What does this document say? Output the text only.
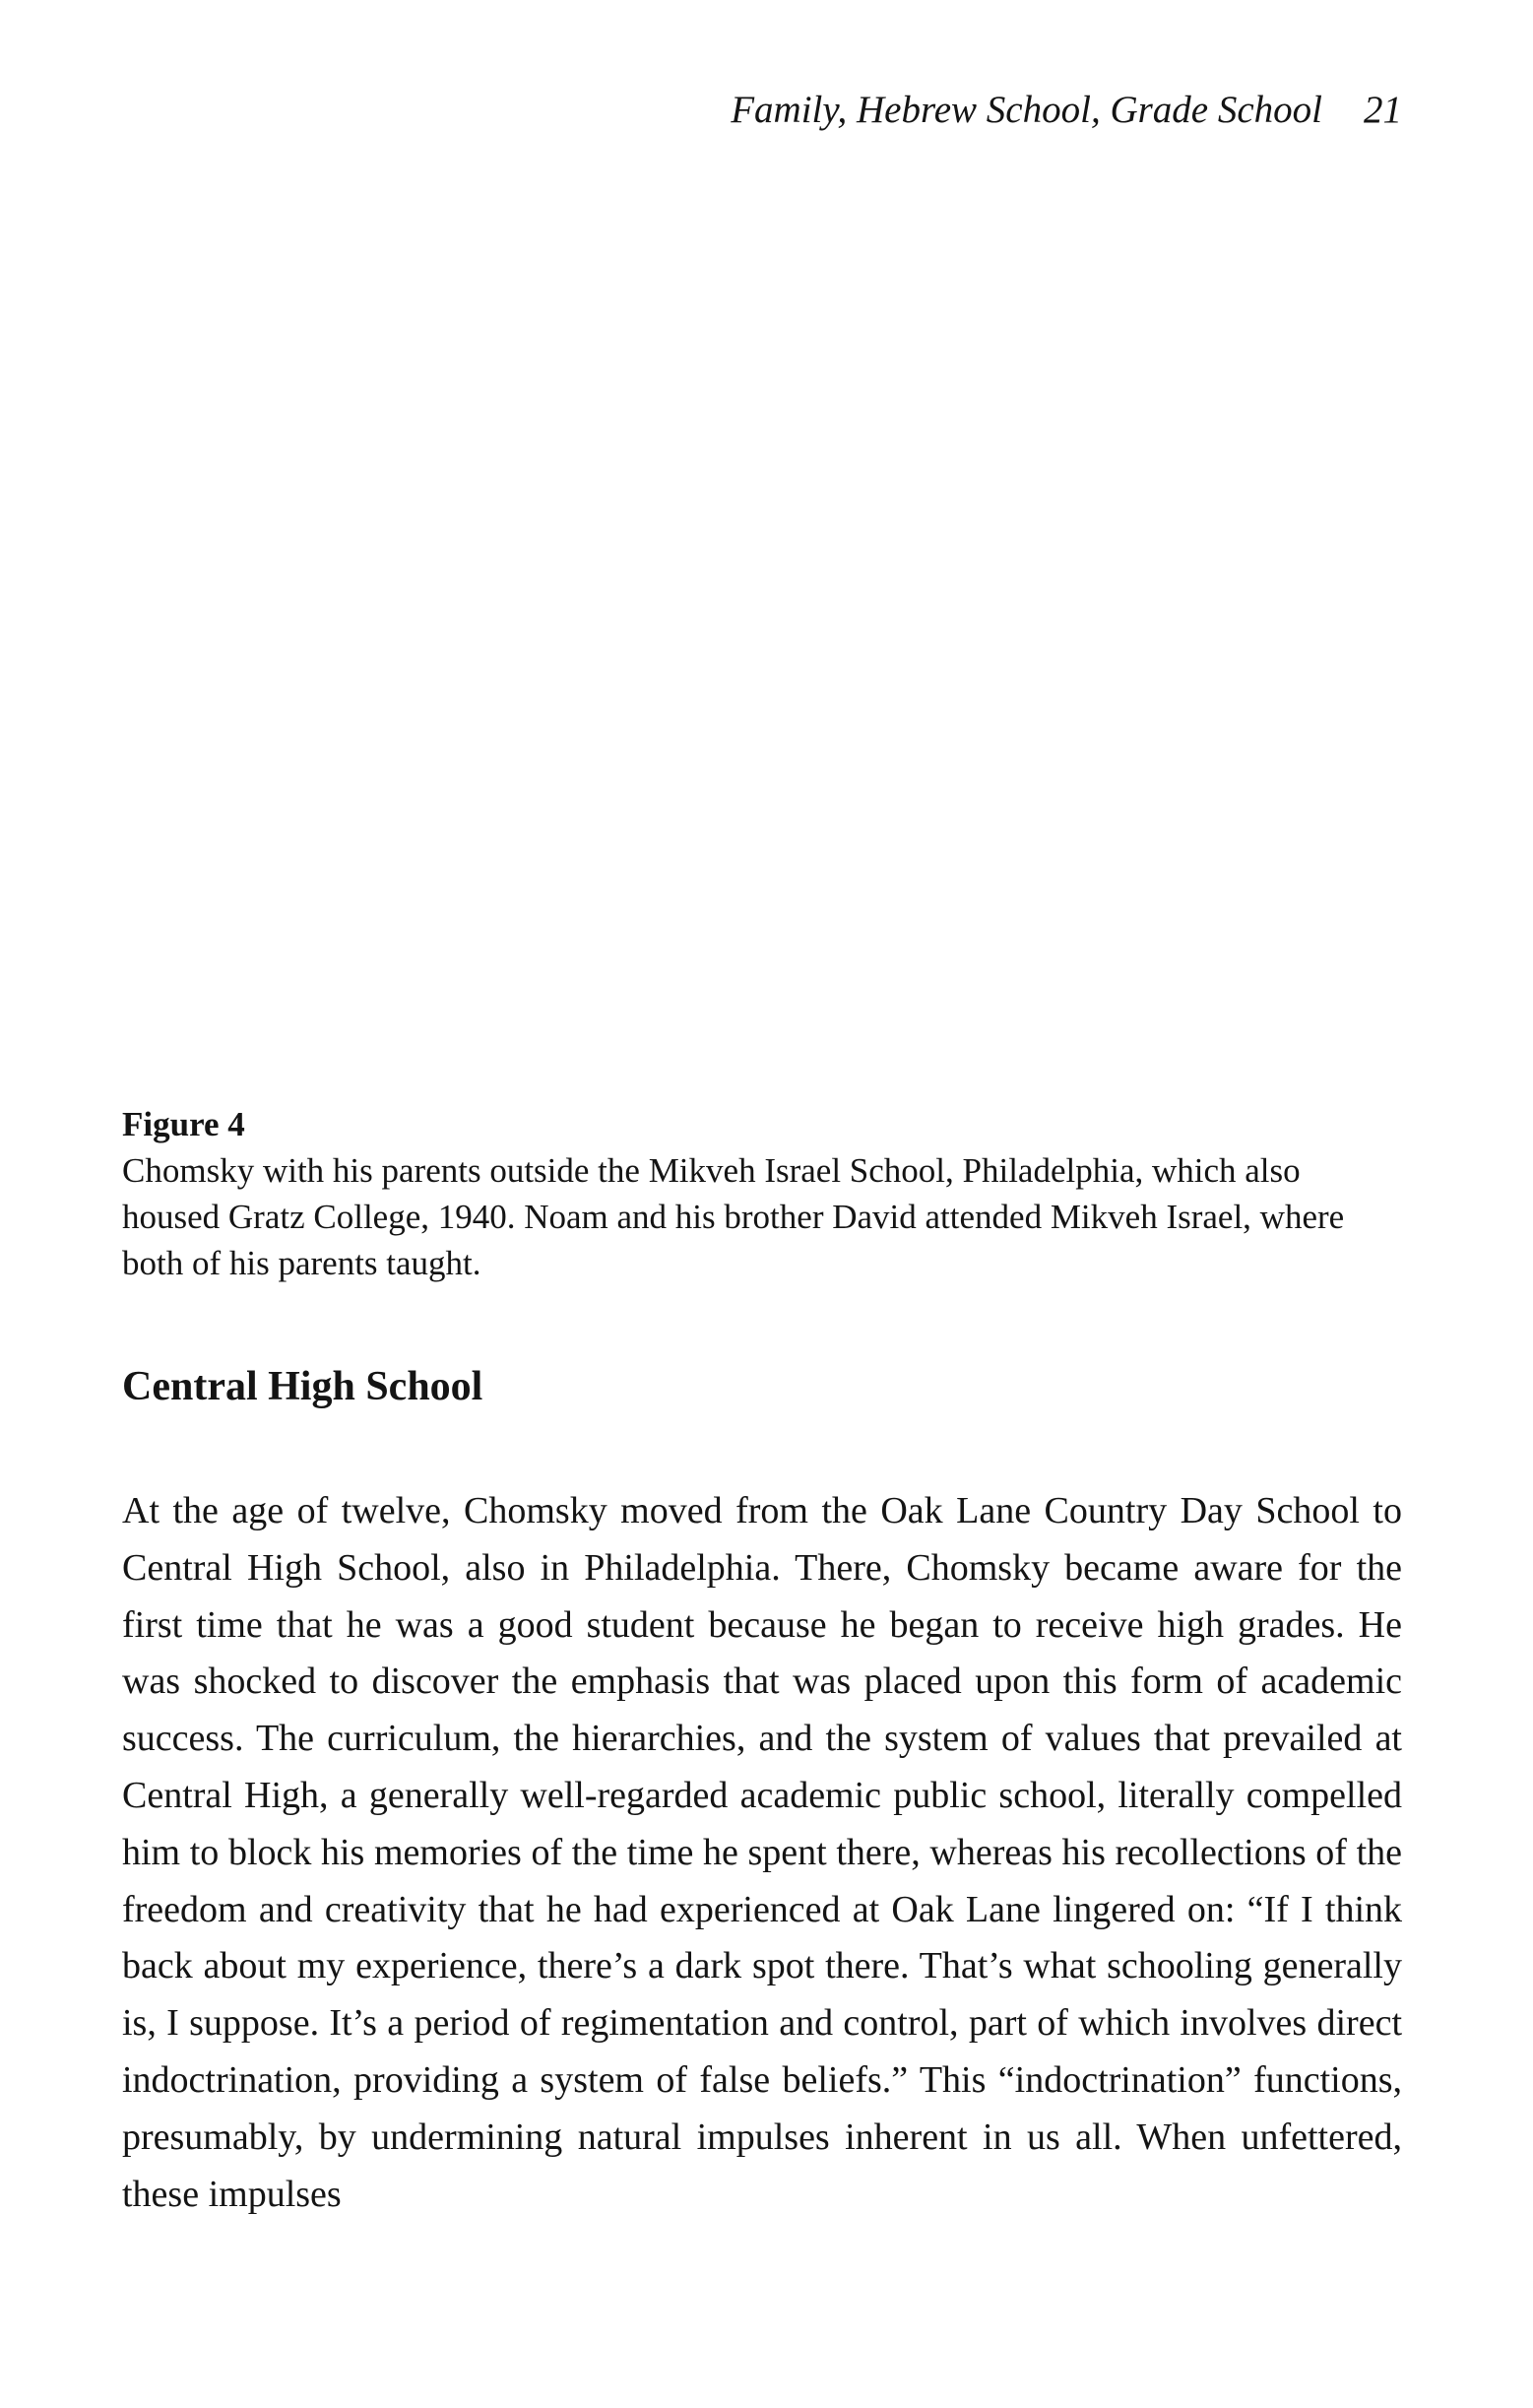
Family, Hebrew School, Grade School 21
Figure 4

Chomsky with his parents outside the Mikveh Israel School, Philadelphia, which also housed Gratz College, 1940. Noam and his brother David attended Mikveh Israel, where both of his parents taught.

Central High School

At the age of twelve, Chomsky moved from the Oak Lane Country Day School to Central High School, also in Philadelphia. There, Chomsky became aware for the first time that he was a good student because he began to receive high grades. He was shocked to discover the emphasis that was placed upon this form of academic success. The curriculum, the hierarchies, and the system of values that prevailed at Central High, a generally well-regarded academic public school, literally compelled him to block his memories of the time he spent there, whereas his recollections of the freedom and creativity that he had experienced at Oak Lane lingered on: “If I think back about my experience, there’s a dark spot there. That’s what schooling generally is, I suppose. It’s a period of regimentation and control, part of which involves direct indoctrination, providing a system of false beliefs.” This “indoctrination” functions, presumably, by undermining natural impulses inherent in us all. When unfettered, these impulses
